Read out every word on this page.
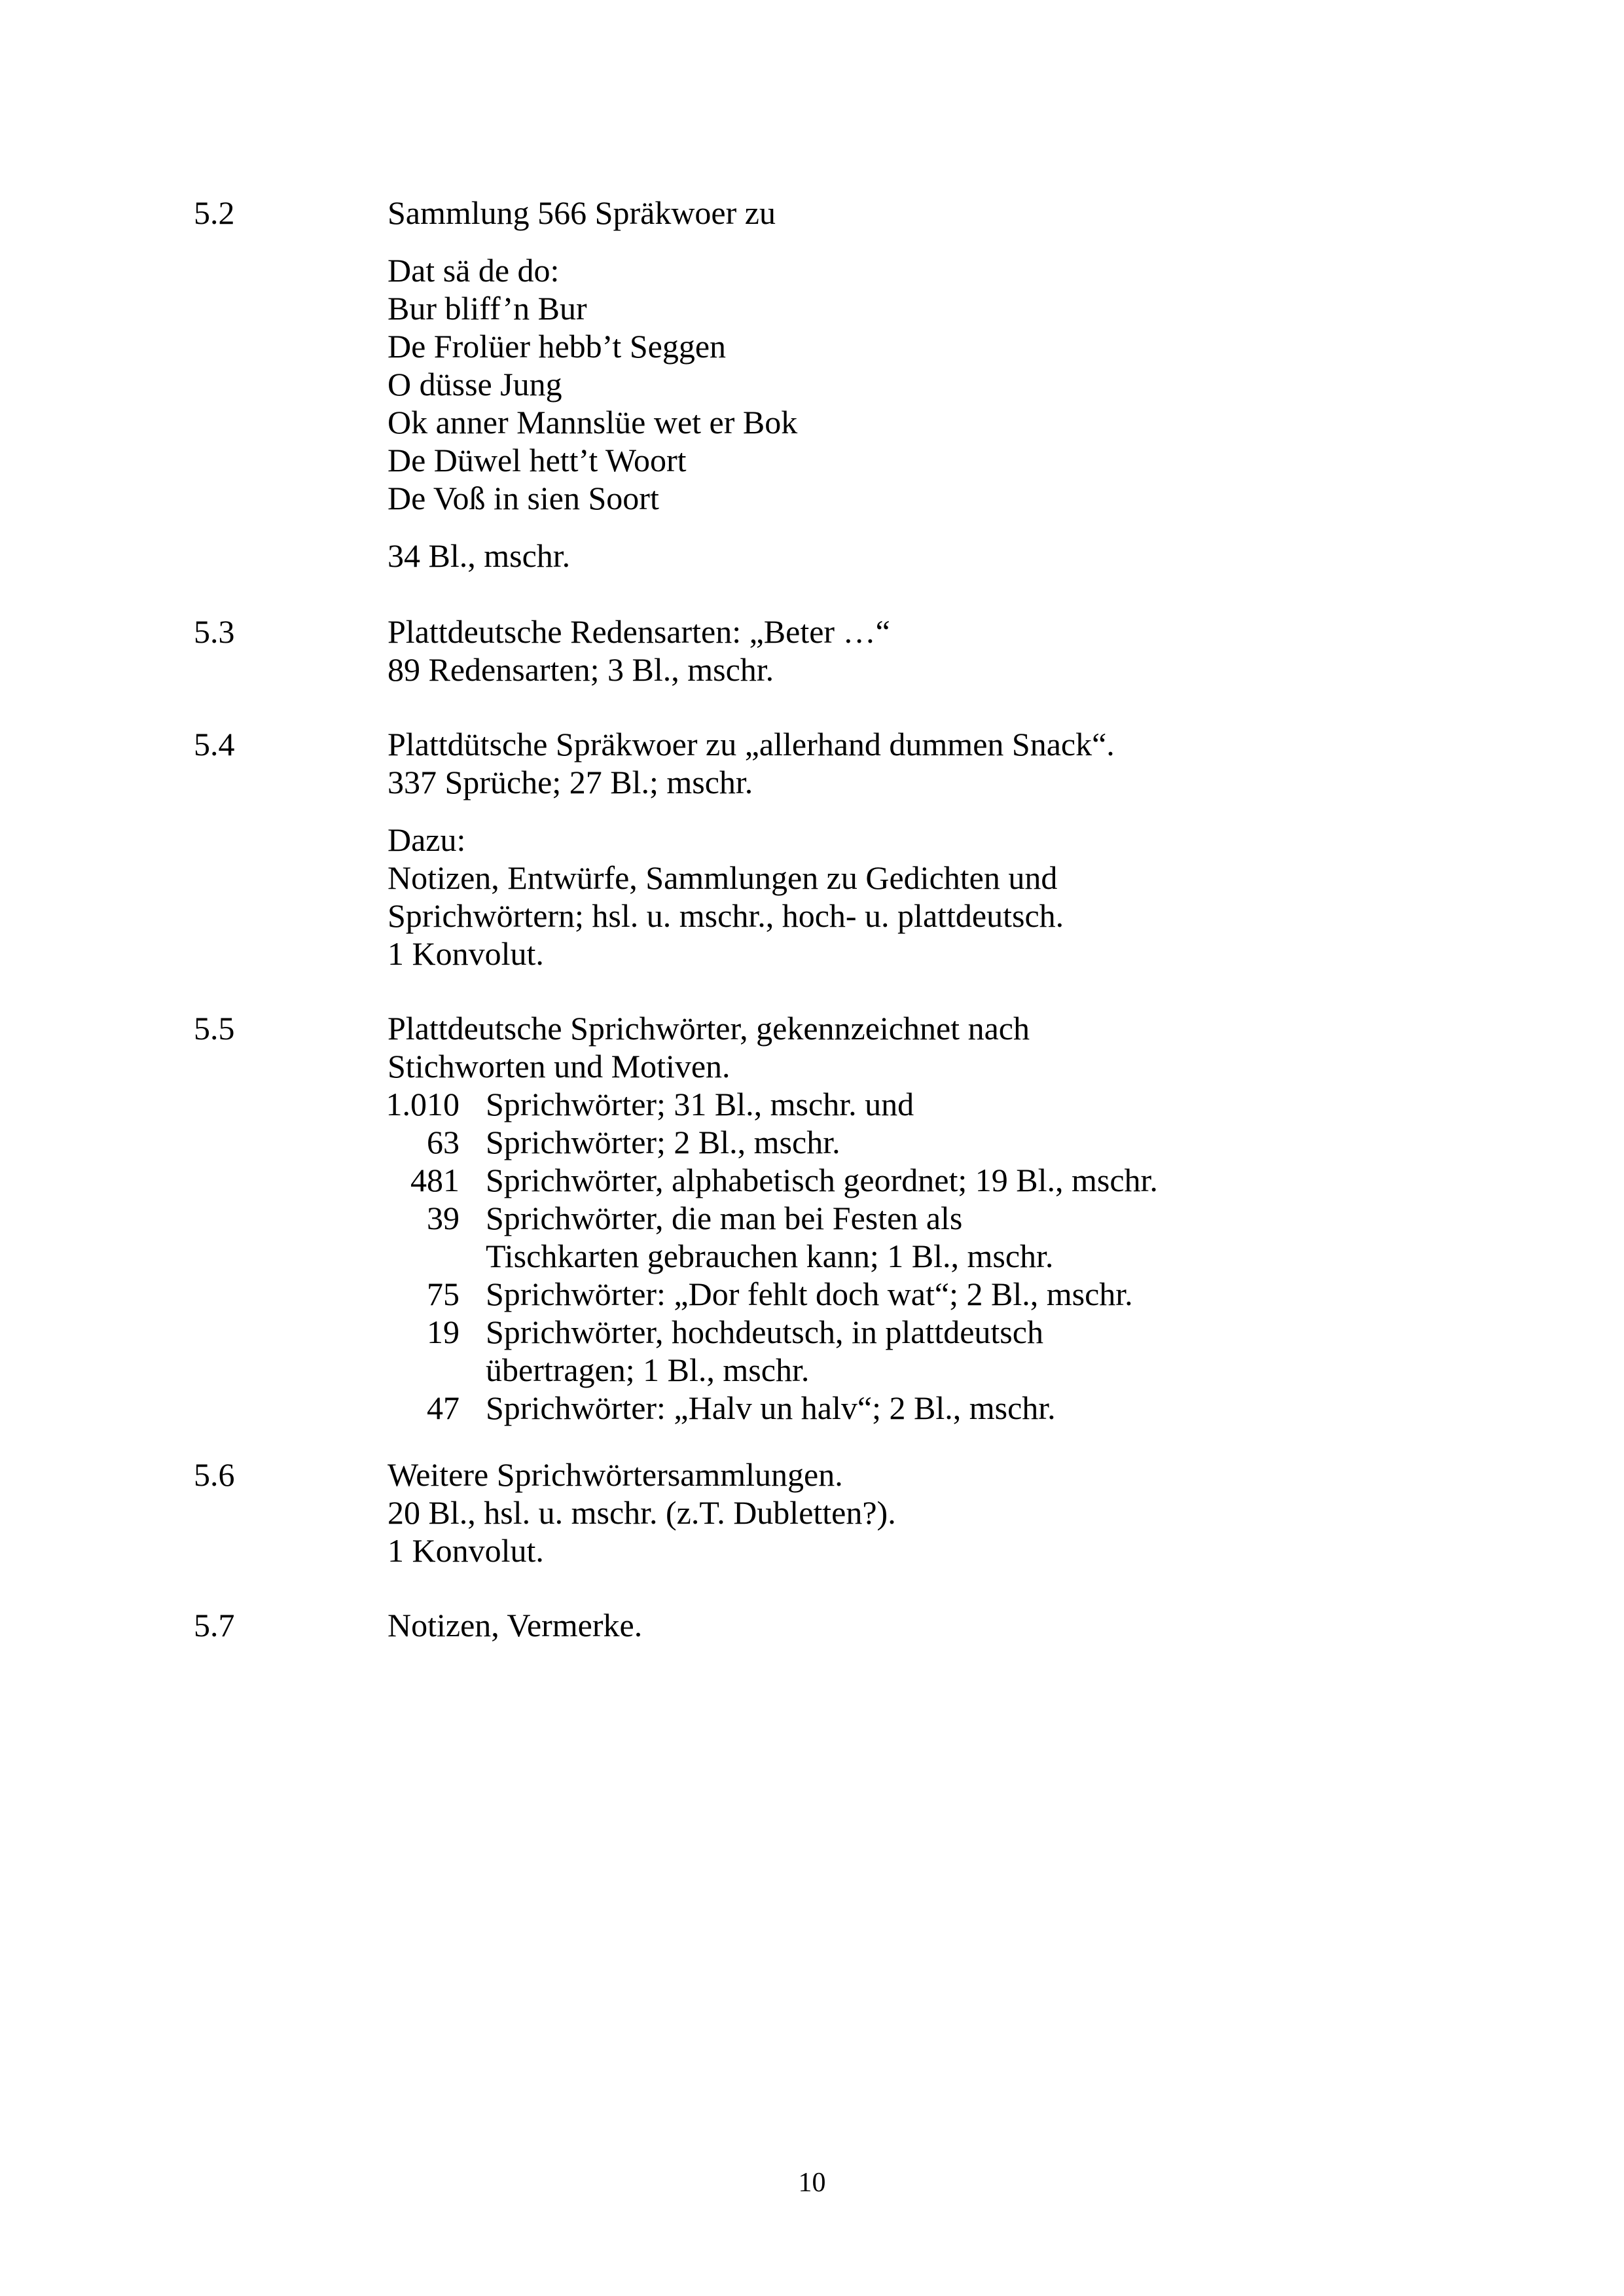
5.2	Sammlung 566 Spräkwoer zu
Dat sä de do:
Bur bliff’n Bur
De Frolüer hebb’t Seggen
O düsse Jung
Ok anner Mannslüe wet er Bok
De Düwel hett’t Woort
De Voß in sien Soort
34 Bl., mschr.
5.3	Plattdeutsche Redensarten: „Beter …“
89 Redensarten; 3 Bl., mschr.
5.4	Plattdütsche Spräkwoer zu „allerhand dummen Snack“.
337 Sprüche; 27 Bl.; mschr.
Dazu:
Notizen, Entwürfe, Sammlungen zu Gedichten und
Sprichwörtern; hsl. u. mschr., hoch- u. plattdeutsch.
1 Konvolut.
5.5	Plattdeutsche Sprichwörter, gekennzeichnet nach
Stichworten und Motiven.
1.010 Sprichwörter; 31 Bl., mschr. und
63 Sprichwörter; 2 Bl., mschr.
481 Sprichwörter, alphabetisch geordnet; 19 Bl., mschr.
39 Sprichwörter, die man bei Festen als
Tischkarten gebrauchen kann; 1 Bl., mschr.
75 Sprichwörter: „Dor fehlt doch wat“; 2 Bl., mschr.
19 Sprichwörter, hochdeutsch, in plattdeutsch
übertragen; 1 Bl., mschr.
47 Sprichwörter: „Halv un halv“; 2 Bl., mschr.
5.6	Weitere Sprichwörtersammlungen.
20 Bl., hsl. u. mschr. (z.T. Dubletten?).
1 Konvolut.
5.7	Notizen, Vermerke.
10
